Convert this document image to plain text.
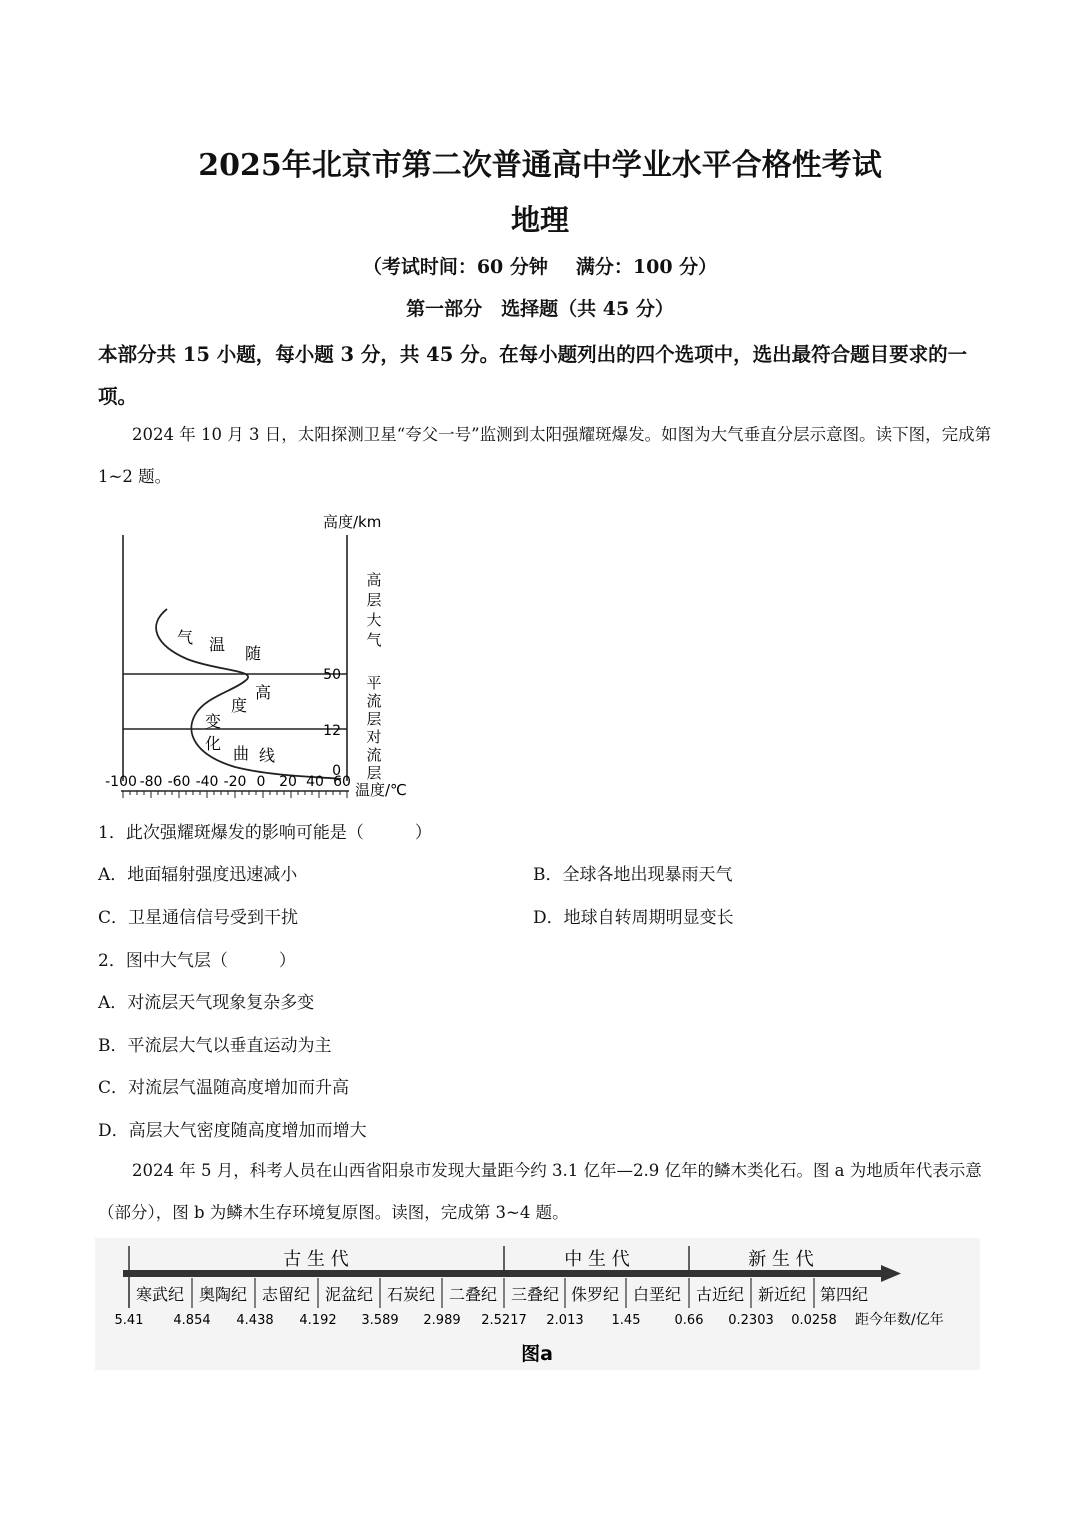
2025年北京市第二次普通高中学业水平合格性考试
地理
（考试时间：60 分钟 满分：100 分）
第一部分　选择题（共 45 分）
本部分共 15 小题，每小题 3 分，共 45 分。在每小题列出的四个选项中，选出最符合题目要求的一项。
2024 年 10 月 3 日，太阳探测卫星“夸父一号”监测到太阳强耀斑爆发。如图为大气垂直分层示意图。读下图，完成第 1~2 题。
高度/km
温度/℃
50
12
0
气 温 随
高
度
变
化
曲 线
高
层
大
气
平
流
层
对
流
层
-100 -80 -60 -40 -20 0 20 40 60
1．此次强耀斑爆发的影响可能是（　　　）
A．地面辐射强度迅速减小	B．全球各地出现暴雨天气
C．卫星通信信号受到干扰	D．地球自转周期明显变长
2．图中大气层（　　　）
A．对流层天气现象复杂多变
B．平流层大气以垂直运动为主
C．对流层气温随高度增加而升高
D．高层大气密度随高度增加而增大
2024 年 5 月，科考人员在山西省阳泉市发现大量距今约 3.1 亿年—2.9 亿年的鳞木类化石。图 a 为地质年代表示意（部分），图 b 为鳞木生存环境复原图。读图，完成第 3~4 题。
古 生 代	中 生 代	新 生 代
寒武纪 奥陶纪 志留纪 泥盆纪 石炭纪 二叠纪 三叠纪 侏罗纪 白垩纪 古近纪 新近纪 第四纪
5.41 4.854 4.438 4.192 3.589 2.989 2.5217 2.013 1.45	0.66 0.2303 0.0258 距今年数/亿年
图a
